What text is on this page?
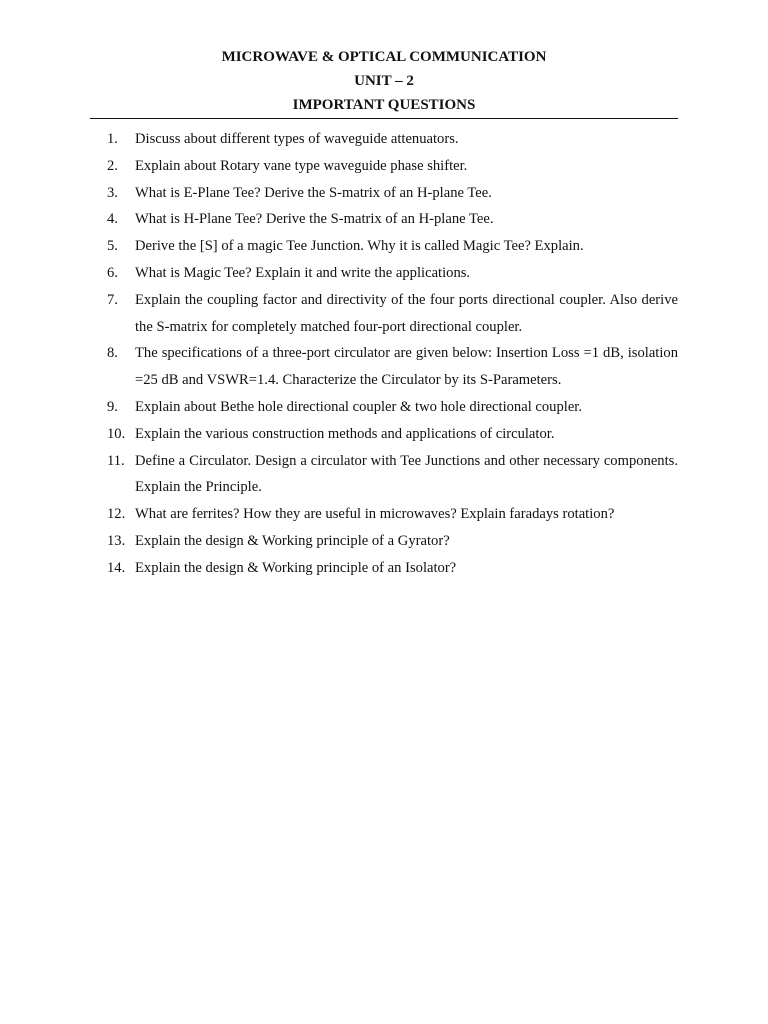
MICROWAVE & OPTICAL COMMUNICATION
UNIT – 2
IMPORTANT QUESTIONS
1.	Discuss about different types of waveguide attenuators.
2.	Explain about Rotary vane type waveguide phase shifter.
3.	What is E-Plane Tee? Derive the S-matrix of an H-plane Tee.
4.	What is H-Plane Tee? Derive the S-matrix of an H-plane Tee.
5.	Derive the [S] of a magic Tee Junction. Why it is called Magic Tee? Explain.
6.	What is Magic Tee? Explain it and write the applications.
7.	Explain the coupling factor and directivity of the four ports directional coupler. Also derive the S-matrix for completely matched four-port directional coupler.
8.	The specifications of a three-port circulator are given below: Insertion Loss =1 dB, isolation =25 dB and VSWR=1.4. Characterize the Circulator by its S-Parameters.
9.	Explain about Bethe hole directional coupler & two hole directional coupler.
10. Explain the various construction methods and applications of circulator.
11. Define a Circulator. Design a circulator with Tee Junctions and other necessary components. Explain the Principle.
12. What are ferrites? How they are useful in microwaves? Explain faradays rotation?
13. Explain the design & Working principle of a Gyrator?
14. Explain the design & Working principle of an Isolator?
